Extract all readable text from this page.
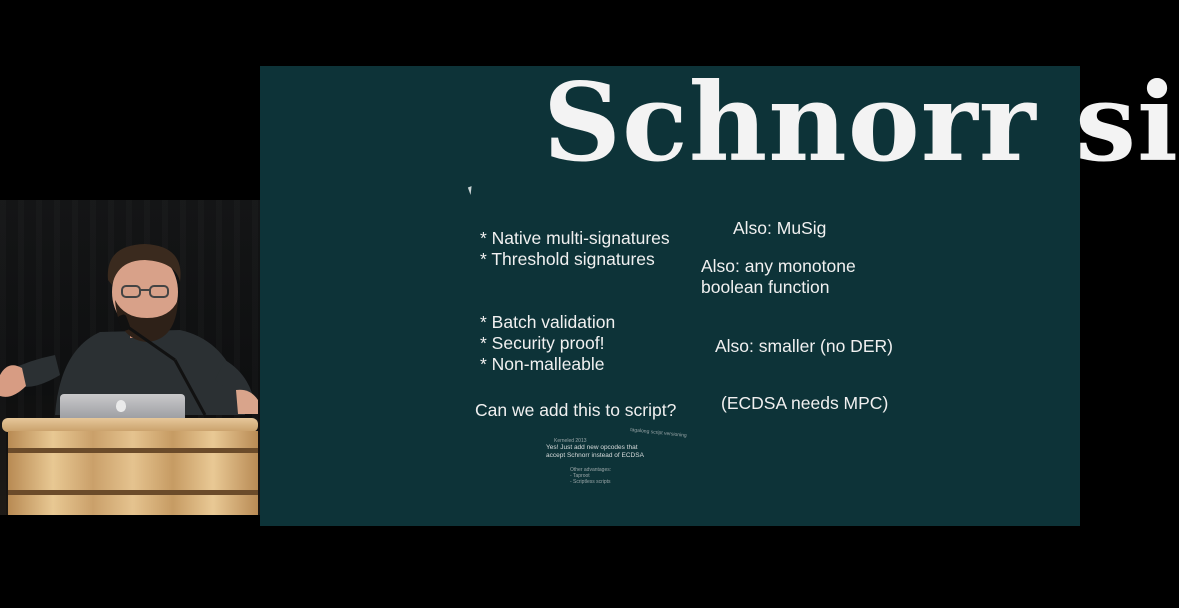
Schnorr si
* Native multi-signatures
* Threshold signatures
Also: MuSig
Also: any monotone
boolean function
* Batch validation
* Security proof!
* Non-malleable
Also: smaller (no DER)
(ECDSA needs MPC)
Can we add this to script?
tagalong script versioning
Kerneled 2013
Yes! Just add new opcodes that
accept Schnorr instead of ECDSA
Other advantages:
- Taproot
- Scriptless scripts
